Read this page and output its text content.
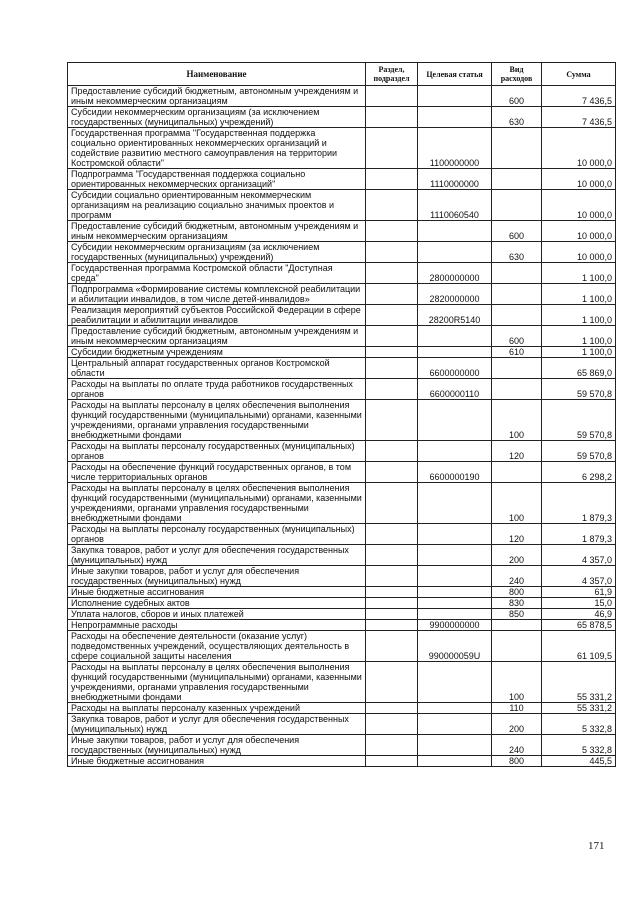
Наименование	Раздел, подраздел	Целевая статья	Вид расходов	Сумма
Предоставление субсидий бюджетным, автономным учреждениям и иным некоммерческим организациям			600	7 436,5
Субсидии некоммерческим организациям (за исключением государственных (муниципальных) учреждений)			630	7 436,5
Государственная программа "Государственная поддержка социально ориентированных некоммерческих организаций и содействие развитию местного самоуправления на территории Костромской области"		1100000000		10 000,0
Подпрограмма "Государственная поддержка социально ориентированных некоммерческих организаций"		1110000000		10 000,0
Субсидии социально ориентированным некоммерческим организациям на реализацию социально значимых проектов и программ		1110060540		10 000,0
Предоставление субсидий бюджетным, автономным учреждениям и иным некоммерческим организациям			600	10 000,0
Субсидии некоммерческим организациям (за исключением государственных (муниципальных) учреждений)			630	10 000,0
Государственная программа Костромской области "Доступная среда"		2800000000		1 100,0
Подпрограмма «Формирование системы комплексной реабилитации и абилитации инвалидов, в том числе детей-инвалидов»		2820000000		1 100,0
Реализация мероприятий субъектов Российской Федерации в сфере реабилитации и абилитации инвалидов		28200R5140		1 100,0
Предоставление субсидий бюджетным, автономным учреждениям и иным некоммерческим организациям			600	1 100,0
Субсидии бюджетным учреждениям			610	1 100,0
Центральный аппарат государственных органов Костромской области		6600000000		65 869,0
Расходы на выплаты по оплате труда работников государственных органов		6600000110		59 570,8
Расходы на выплаты персоналу в целях обеспечения выполнения функций государственными (муниципальными) органами, казенными учреждениями, органами управления государственными внебюджетными фондами			100	59 570,8
Расходы на выплаты персоналу государственных (муниципальных) органов			120	59 570,8
Расходы на обеспечение функций государственных органов, в том числе территориальных органов		6600000190		6 298,2
Расходы на выплаты персоналу в целях обеспечения выполнения функций государственными (муниципальными) органами, казенными учреждениями, органами управления государственными внебюджетными фондами			100	1 879,3
Расходы на выплаты персоналу государственных (муниципальных) органов			120	1 879,3
Закупка товаров, работ и услуг для обеспечения государственных (муниципальных) нужд			200	4 357,0
Иные закупки товаров, работ и услуг для обеспечения государственных (муниципальных) нужд			240	4 357,0
Иные бюджетные ассигнования			800	61,9
Исполнение судебных актов			830	15,0
Уплата налогов, сборов и иных платежей			850	46,9
Непрограммные расходы		9900000000		65 878,5
Расходы на обеспечение деятельности (оказание услуг) подведомственных учреждений, осуществляющих деятельность в сфере социальной защиты населения		990000059U		61 109,5
Расходы на выплаты персоналу в целях обеспечения выполнения функций государственными (муниципальными) органами, казенными учреждениями, органами управления государственными внебюджетными фондами			100	55 331,2
Расходы на выплаты персоналу казенных учреждений			110	55 331,2
Закупка товаров, работ и услуг для обеспечения государственных (муниципальных) нужд			200	5 332,8
Иные закупки товаров, работ и услуг для обеспечения государственных (муниципальных) нужд			240	5 332,8
Иные бюджетные ассигнования			800	445,5
171
